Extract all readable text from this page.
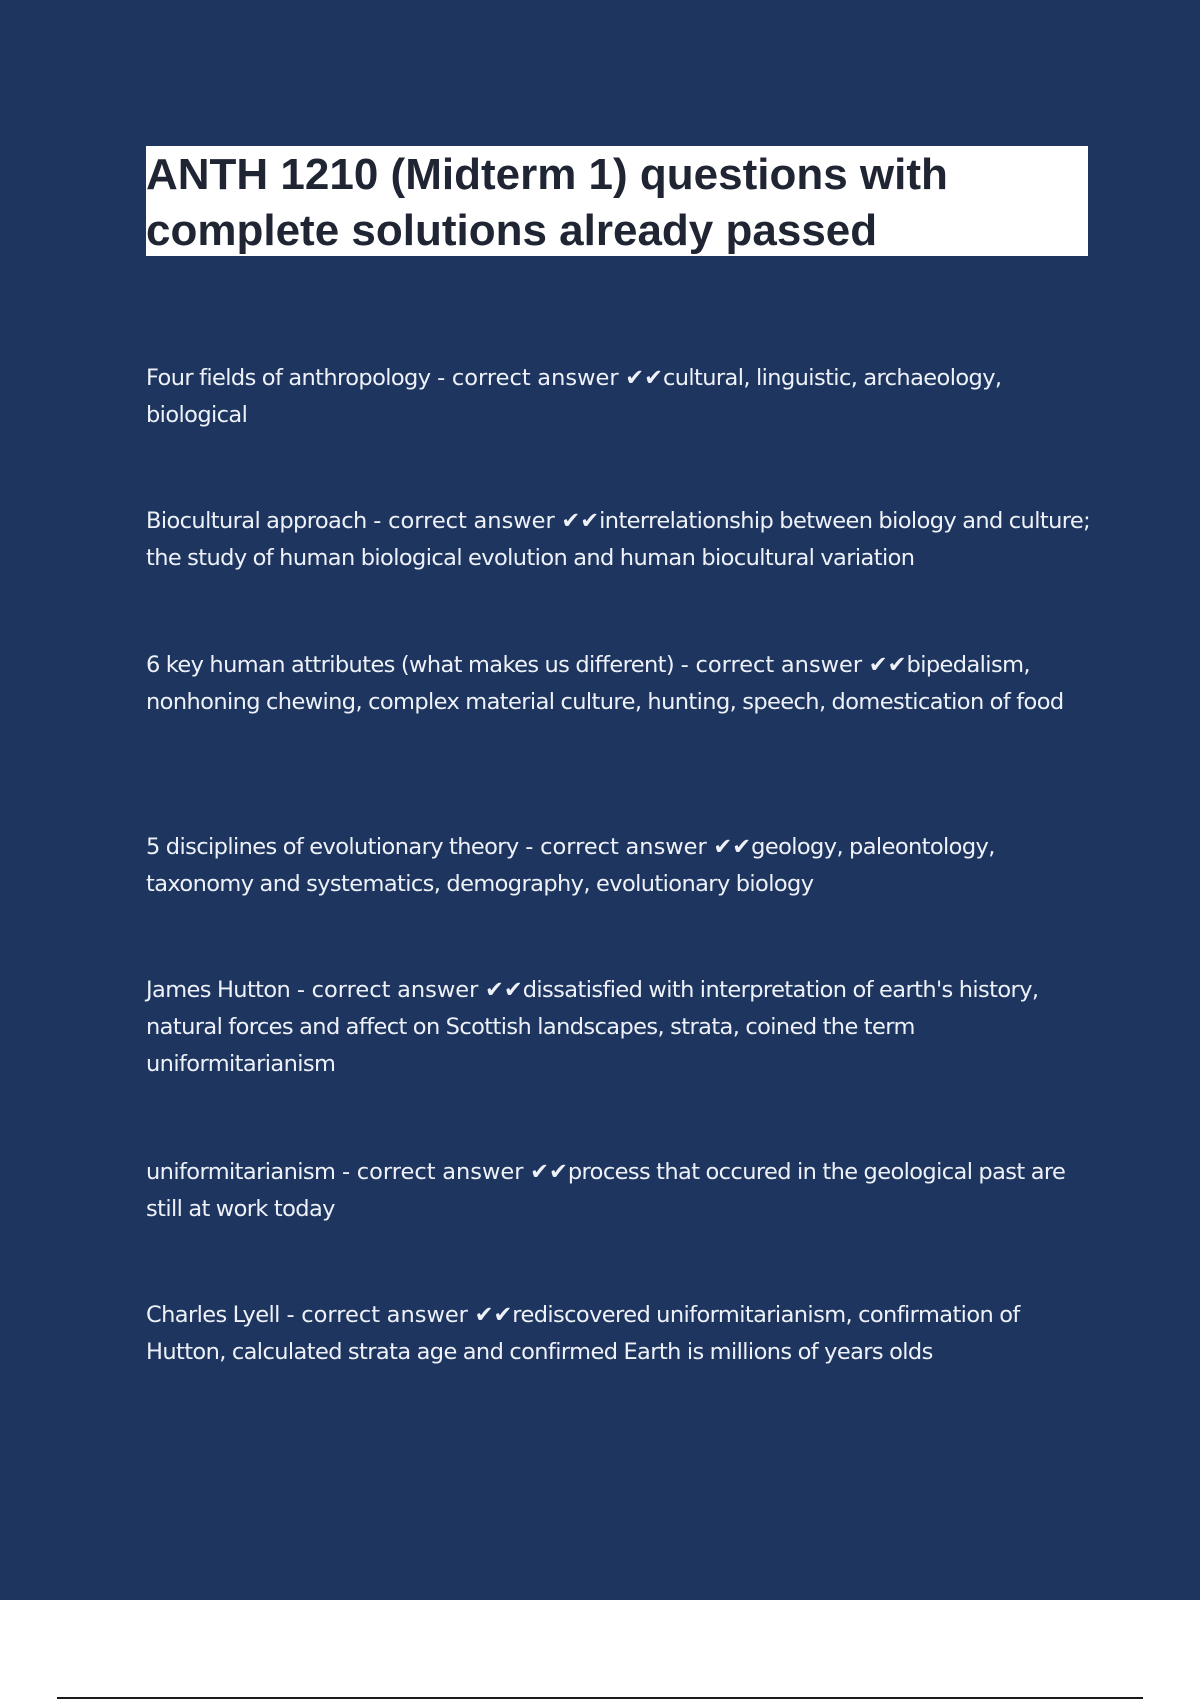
ANTH 1210 (Midterm 1) questions with complete solutions already passed

Four fields of anthropology - correct answer ✔✔cultural, linguistic, archaeology, biological

Biocultural approach - correct answer ✔✔interrelationship between biology and culture; the study of human biological evolution and human biocultural variation

6 key human attributes (what makes us different) - correct answer ✔✔bipedalism, nonhoning chewing, complex material culture, hunting, speech, domestication of food

5 disciplines of evolutionary theory - correct answer ✔✔geology, paleontology, taxonomy and systematics, demography, evolutionary biology

James Hutton - correct answer ✔✔dissatisfied with interpretation of earth's history, natural forces and affect on Scottish landscapes, strata, coined the term uniformitarianism

uniformitarianism - correct answer ✔✔process that occured in the geological past are still at work today

Charles Lyell - correct answer ✔✔rediscovered uniformitarianism, confirmation of Hutton, calculated strata age and confirmed Earth is millions of years olds
